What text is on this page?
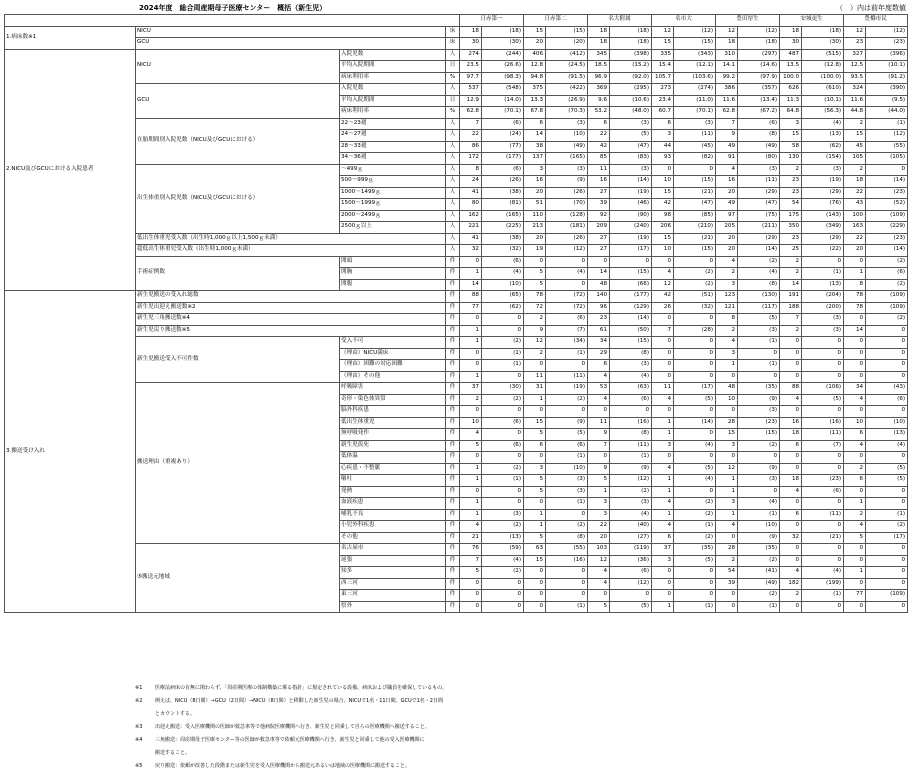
2024年度　総合周産期母子医療センター　概括（新生児）	（　）内は前年度数値
				日赤第一		日赤第二		名大附属		名市大		豊田厚生		安城更生		豊橋市民	
1.病床数※1	NICU		床	18	(18)	15	(15)	18	(18)	12	(12)	12	(12)	18	(18)	12	(12)
	GCU		床	30	(30)	20	(20)	18	(18)	15	(15)	18	(18)	30	(30)	23	(23)
2.NICU及びGCUにおける入院患者	NICU	入院児数	人	274	(244)	406	(412)	345	(398)	335	(343)	310	(297)	487	(515)	327	(396)
		平均入院期間	日	23.5	(26.6)	12.8	(24.5)	18.5	(15.2)	15.4	(12.1)	14.1	(14.6)	13.5	(12.8)	12.5	(10.1)
		病床利用率	%	97.7	(98.3)	94.8	(91.5)	96.9	(92.0)	105.7	(103.6)	99.2	(97.9)	100.0	(100.0)	93.5	(91.2)
	GCU	入院児数	人	537	(548)	375	(422)	369	(295)	273	(274)	386	(357)	626	(610)	324	(390)
		平均入院期間	日	12.9	(14.0)	13.3	(26.9)	9.6	(10.6)	23.4	(11.0)	11.6	(13.4)	11.3	(10.1)	11.6	(9.5)
		病床利用率	%	62.8	(70.1)	67.8	(70.3)	53.2	(48.0)	60.7	(70.1)	62.8	(67.2)	64.8	(56.3)	44.8	(44.0)
	在胎期間別入院児数（NICU及びGCUにおける）	22～23週	人	7	(6)	6	(3)	6	(3)	6	(3)	7	(6)	3	(4)	2	(1)
		24～27週	人	22	(24)	14	(10)	22	(5)	3	(11)	9	(8)	15	(13)	15	(12)
		28～33週	人	86	(77)	38	(49)	42	(47)	44	(45)	49	(49)	58	(62)	45	(55)
		34～36週	人	172	(177)	137	(165)	85	(83)	93	(82)	91	(80)	130	(154)	105	(105)
	出生体重別入院児数（NICU及びGCUにおける）	～499ｇ	人	8	(6)	3	(3)	11	(3)	0	0	4	(3)	2	(3)	2	0
		500～999ｇ	人	24	(26)	16	(9)	16	(14)	10	(15)	16	(11)	23	(19)	18	(14)
		1000～1499ｇ	人	41	(38)	20	(26)	27	(19)	15	(21)	20	(29)	23	(29)	22	(23)
		1500～1999ｇ	人	80	(81)	51	(70)	39	(46)	42	(47)	49	(47)	54	(76)	43	(52)
		2000～2499ｇ	人	162	(165)	110	(128)	92	(90)	98	(85)	97	(75)	175	(143)	100	(109)
		2500ｇ以上	人	221	(225)	213	(181)	209	(240)	206	(210)	205	(211)	350	(349)	163	(229)
	低出生体重児受入数（出生時1,000ｇ以上1,500ｇ未満）		人	41	(38)	20	(26)	27	(19)	15	(21)	20	(29)	23	(29)	22	(23)
	超低出生体重児受入数（出生時1,000ｇ未満）		人	32	(32)	19	(12)	27	(17)	10	(15)	20	(14)	25	(22)	20	(14)
	手術症例数	開頭	件	0	(6)	0	0	0	0	0	0	4	(2)	2	0	0	(2)
		開胸	件	1	(4)	5	(4)	14	(15)	4	(2)	2	(4)	2	(1)	1	(6)
		開腹	件	14	(10)	5	0	48	(66)	12	(2)	3	(8)	14	(13)	8	(2)
3.搬送受け入れ	新生児搬送の受入れ総数		件	88	(65)	78	(72)	140	(177)	42	(51)	123	(130)	191	(204)	78	(109)
	新生児出迎え搬送数※2		件	77	(62)	72	(72)	96	(129)	26	(32)	121	(117)	188	(200)	78	(109)
	新生児三角搬送数※4		件	0	0	2	(6)	23	(14)	0	0	8	(5)	7	(3)	0	(2)
	新生児戻り搬送数※5		件	1	0	9	(7)	61	(50)	7	(28)	2	(3)	2	(3)	14	0
	新生児搬送受入不可件数	受入不可	件	1	(2)	12	(34)	34	(15)	0	0	4	(1)	0	0	0	0
		（理由）NICU満床	件	0	(1)	2	(1)	29	(8)	0	0	3	0	0	0	0	0
		（理由）困難の対応困難	件	0	(1)	0	0	6	(3)	0	0	1	(1)	0	0	0	0
		（理由）その他	件	1	0	11	(11)	4	(4)	0	0	0	0	0	0	0	0
	搬送理由（重複あり）	呼吸障害	件	37	(30)	31	(19)	53	(63)	11	(17)	48	(35)	88	(106)	34	(43)
		奇形・染色体異常	件	2	(2)	1	(2)	4	(6)	4	(5)	10	(9)	4	(5)	4	(6)
		脳外科疾患	件	0	0	0	0	0	0	0	0	0	(3)	0	0	0	0
		低出生体重児	件	10	(6)	15	(9)	11	(16)	1	(14)	28	(23)	16	(16)	10	(10)
		無呼吸発作	件	4	0	5	(5)	9	(8)	1	0	15	(15)	18	(11)	6	(13)
		新生児仮死	件	5	(6)	6	(6)	7	(11)	3	(4)	3	(2)	6	(7)	4	(4)
		低体温	件	0	0	0	(1)	0	(1)	0	0	0	0	0	0	0	0
		心疾患・不整脈	件	1	(2)	3	(10)	9	(9)	4	(5)	12	(9)	0	0	2	(5)
		嘔吐	件	1	(1)	5	(3)	5	(12)	1	(4)	1	(3)	18	(23)	6	(5)
		発熱	件	0	0	5	(3)	1	(2)	1	0	1	0	4	(6)	0	0
		血液疾患	件	1	0	0	(1)	3	(3)	4	(2)	3	(4)	0	0	1	0
		哺乳不良	件	1	(3)	1	0	3	(4)	1	(2)	1	(1)	6	(11)	2	(1)
		小児外科疾患	件	4	(2)	1	(2)	22	(40)	4	(1)	4	(10)	0	0	4	(2)
		その他	件	21	(13)	5	(8)	20	(27)	6	(2)	0	(9)	32	(21)	5	(17)
	⑤搬送元地域	名古屋市	件	76	(59)	63	(55)	103	(119)	37	(35)	28	(35)	0	0	0	0
		尾張	件	7	(4)	15	(16)	12	(36)	3	(5)	2	(2)	0	0	0	0
		知多	件	5	(2)	0	0	4	(6)	0	0	54	(41)	4	(4)	1	0
		西三河	件	0	0	0	0	4	(12)	0	0	39	(49)	182	(199)	0	0
		東三河	件	0	0	0	0	0	0	0	0	0	(2)	2	(1)	77	(109)
		県外	件	0	0	0	(1)	5	(5)	1	(1)	0	(1)	0	0	0	0
※1	医療法病床の有無に関わらず、「周産期医療の体制構築に係る指針」に規定されている設備、病床および職員を確保しているもの。
※2	例えば、NICU（8日間）→GCU（2日間）→NICU（8日間）と移動した新生児の場合、NICUで1名・11日間、GCUで1名・2日間
とカウントする。
※3	出迎え搬送：受入医療機関の医師が救急車等で他病院医療機関へ行き、新生児と同乗して自らの医療機関へ搬送すること。
※4	三角搬送：周産期母子医療センター等の医師が救急車等で依頼元医療機関へ行き、新生児と同乗して他の受入医療機関に
搬送すること。
※5	戻り搬送：依頼が改善した段階または新生児を受入医療機関から搬送元あるいは地域の医療機関に搬送すること。
